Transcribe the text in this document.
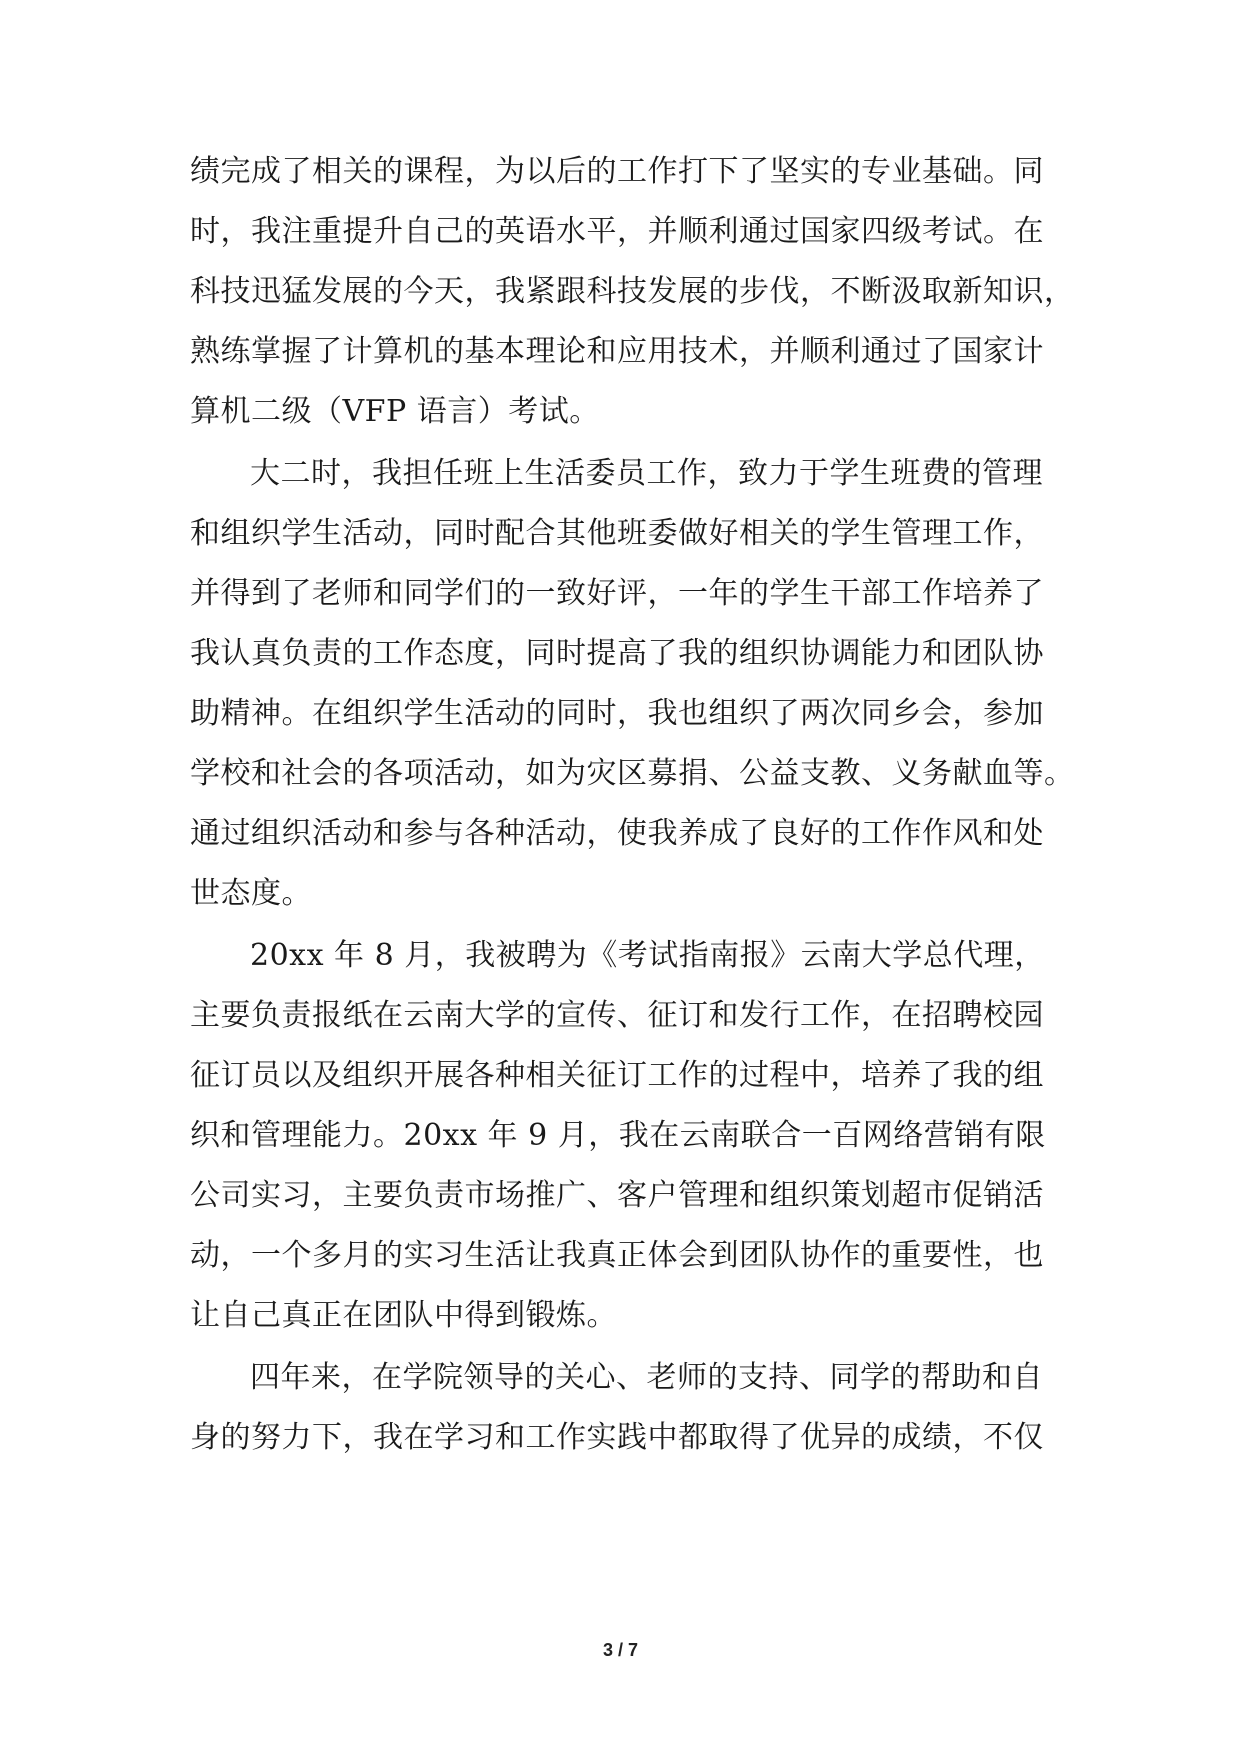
绩完成了相关的课程，为以后的工作打下了坚实的专业基础。同
时，我注重提升自己的英语水平，并顺利通过国家四级考试。在
科技迅猛发展的今天，我紧跟科技发展的步伐，不断汲取新知识，
熟练掌握了计算机的基本理论和应用技术，并顺利通过了国家计
算机二级（VFP 语言）考试。
大二时，我担任班上生活委员工作，致力于学生班费的管理
和组织学生活动，同时配合其他班委做好相关的学生管理工作，
并得到了老师和同学们的一致好评，一年的学生干部工作培养了
我认真负责的工作态度，同时提高了我的组织协调能力和团队协
助精神。在组织学生活动的同时，我也组织了两次同乡会，参加
学校和社会的各项活动，如为灾区募捐、公益支教、义务献血等。
通过组织活动和参与各种活动，使我养成了良好的工作作风和处
世态度。
20xx 年 8 月，我被聘为《考试指南报》云南大学总代理，
主要负责报纸在云南大学的宣传、征订和发行工作，在招聘校园
征订员以及组织开展各种相关征订工作的过程中，培养了我的组
织和管理能力。20xx 年 9 月，我在云南联合一百网络营销有限
公司实习，主要负责市场推广、客户管理和组织策划超市促销活
动，一个多月的实习生活让我真正体会到团队协作的重要性，也
让自己真正在团队中得到锻炼。
四年来，在学院领导的关心、老师的支持、同学的帮助和自
身的努力下，我在学习和工作实践中都取得了优异的成绩，不仅
3 / 7
